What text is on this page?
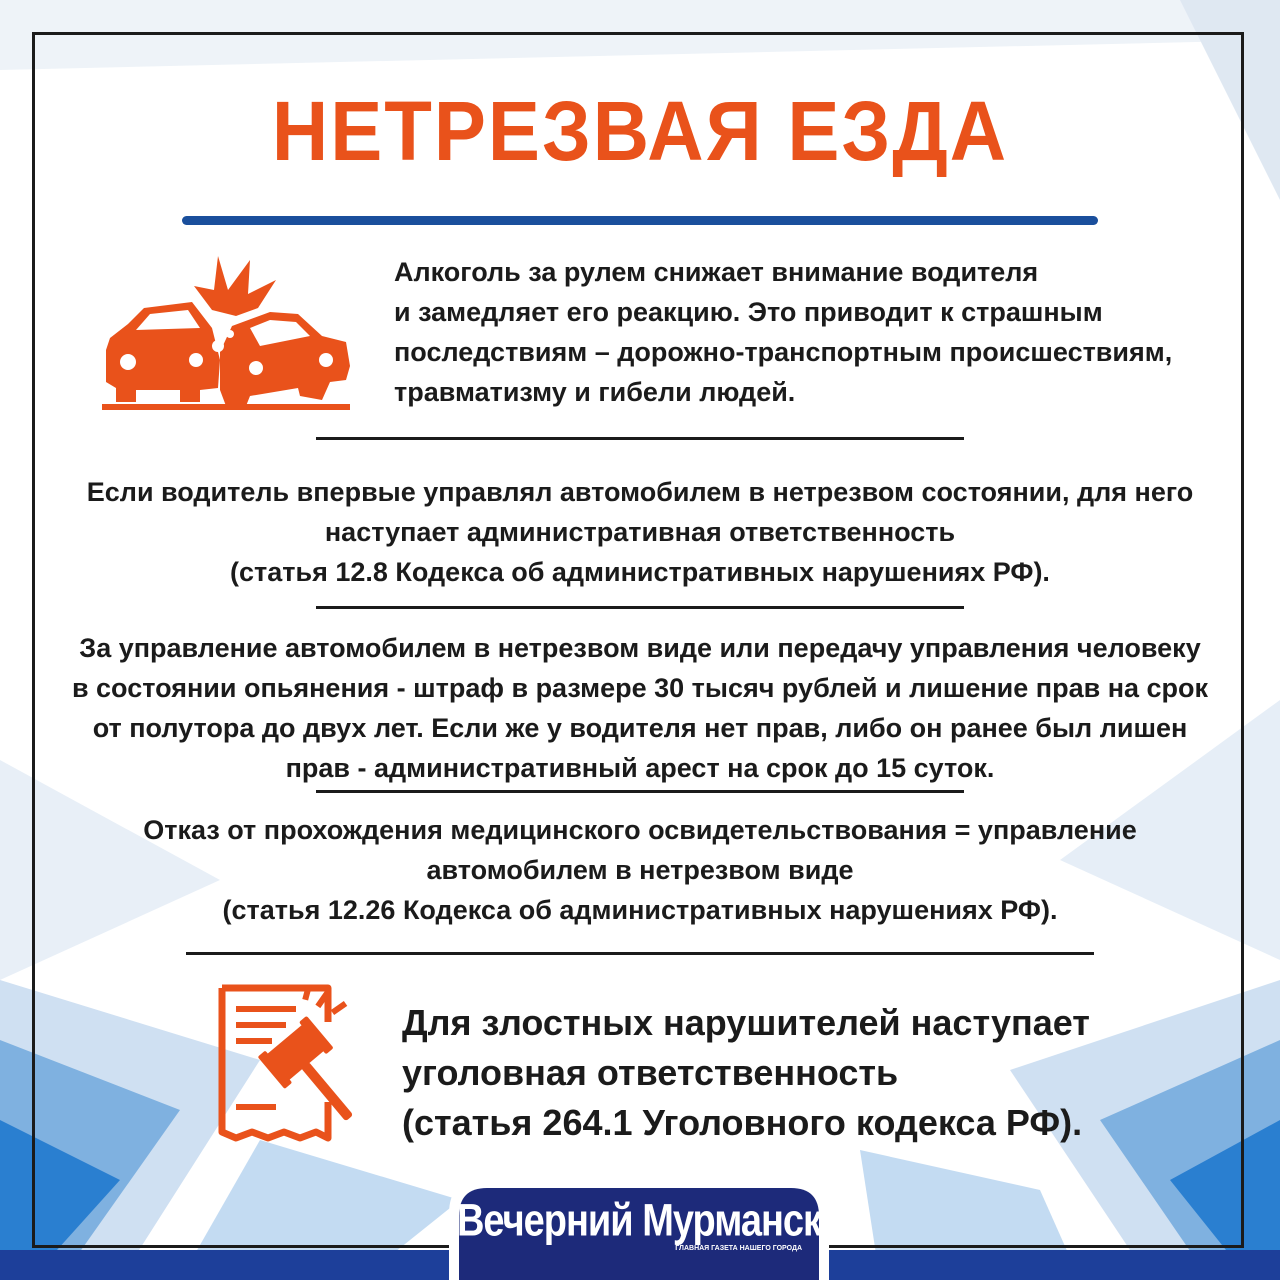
НЕТРЕЗВАЯ ЕЗДА
Алкоголь за рулем снижает внимание водителя
и замедляет его реакцию. Это приводит к страшным
последствиям – дорожно-транспортным происшествиям,
травматизму и гибели людей.
Если водитель впервые управлял автомобилем в нетрезвом состоянии, для него
наступает административная ответственность
(статья 12.8 Кодекса об административных нарушениях РФ).
За управление автомобилем в нетрезвом виде или передачу управления человеку
в состоянии опьянения - штраф в размере 30 тысяч рублей и лишение прав на срок
от полутора до двух лет. Если же у водителя нет прав, либо он ранее был лишен
прав - административный арест на срок до 15 суток.
Отказ от прохождения медицинского освидетельствования = управление
автомобилем в нетрезвом виде
(статья 12.26 Кодекса об административных нарушениях РФ).
Для злостных нарушителей наступает
уголовная ответственность
(статья 264.1 Уголовного кодекса РФ).
Вечерний Мурманск
ГЛАВНАЯ ГАЗЕТА НАШЕГО ГОРОДА
